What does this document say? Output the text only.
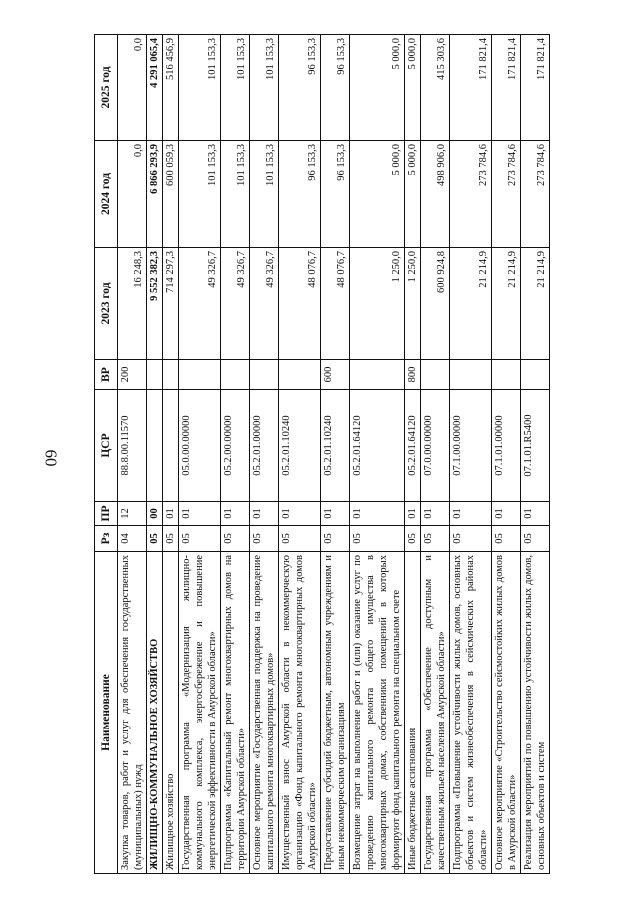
60
Наименование	Рз	ПР	ЦСР	ВР	2023 год	2024 год	2025 год
Закупка товаров, работ и услуг для обеспечения государственных (муниципальных) нужд	04	12	88.8.00.11570	200	16 248,3	0,0	0,0
ЖИЛИЩНО-КОММУНАЛЬНОЕ ХОЗЯЙСТВО	05	00			9 552 382,3	6 866 293,9	4 291 065,4
Жилищное хозяйство	05	01			714 297,3	600 059,3	516 456,9
Государственная программа «Модернизация жилищно-коммунального комплекса, энергосбережение и повышение энергетической эффективности в Амурской области»	05	01	05.0.00.00000		49 326,7	101 153,3	101 153,3
Подпрограмма «Капитальный ремонт многоквартирных домов на территории Амурской области»	05	01	05.2.00.00000		49 326,7	101 153,3	101 153,3
Основное мероприятие «Государственная поддержка на проведение капитального ремонта многоквартирных домов»	05	01	05.2.01.00000		49 326,7	101 153,3	101 153,3
Имущественный взнос Амурской области в некоммерческую организацию «Фонд капитального ремонта многоквартирных домов Амурской области»	05	01	05.2.01.10240		48 076,7	96 153,3	96 153,3
Предоставление субсидий бюджетным, автономным учреждениям и иным некоммерческим организациям	05	01	05.2.01.10240	600	48 076,7	96 153,3	96 153,3
Возмещение затрат на выполнение работ и (или) оказание услуг по проведению капитального ремонта общего имущества в многоквартирных домах, собственники помещений в которых формируют фонд капитального ремонта на специальном счете	05	01	05.2.01.64120		1 250,0	5 000,0	5 000,0
Иные бюджетные ассигнования	05	01	05.2.01.64120	800	1 250,0	5 000,0	5 000,0
Государственная программа «Обеспечение доступным и качественным жильем населения Амурской области»	05	01	07.0.00.00000		600 924,8	498 906,0	415 303,6
Подпрограмма «Повышение устойчивости жилых домов, основных объектов и систем жизнеобеспечения в сейсмических районах области»	05	01	07.1.00.00000		21 214,9	273 784,6	171 821,4
Основное мероприятие «Строительство сейсмостойких жилых домов в Амурской области»	05	01	07.1.01.00000		21 214,9	273 784,6	171 821,4
Реализация мероприятий по повышению устойчивости жилых домов, основных объектов и систем	05	01	07.1.01.R5400		21 214,9	273 784,6	171 821,4
